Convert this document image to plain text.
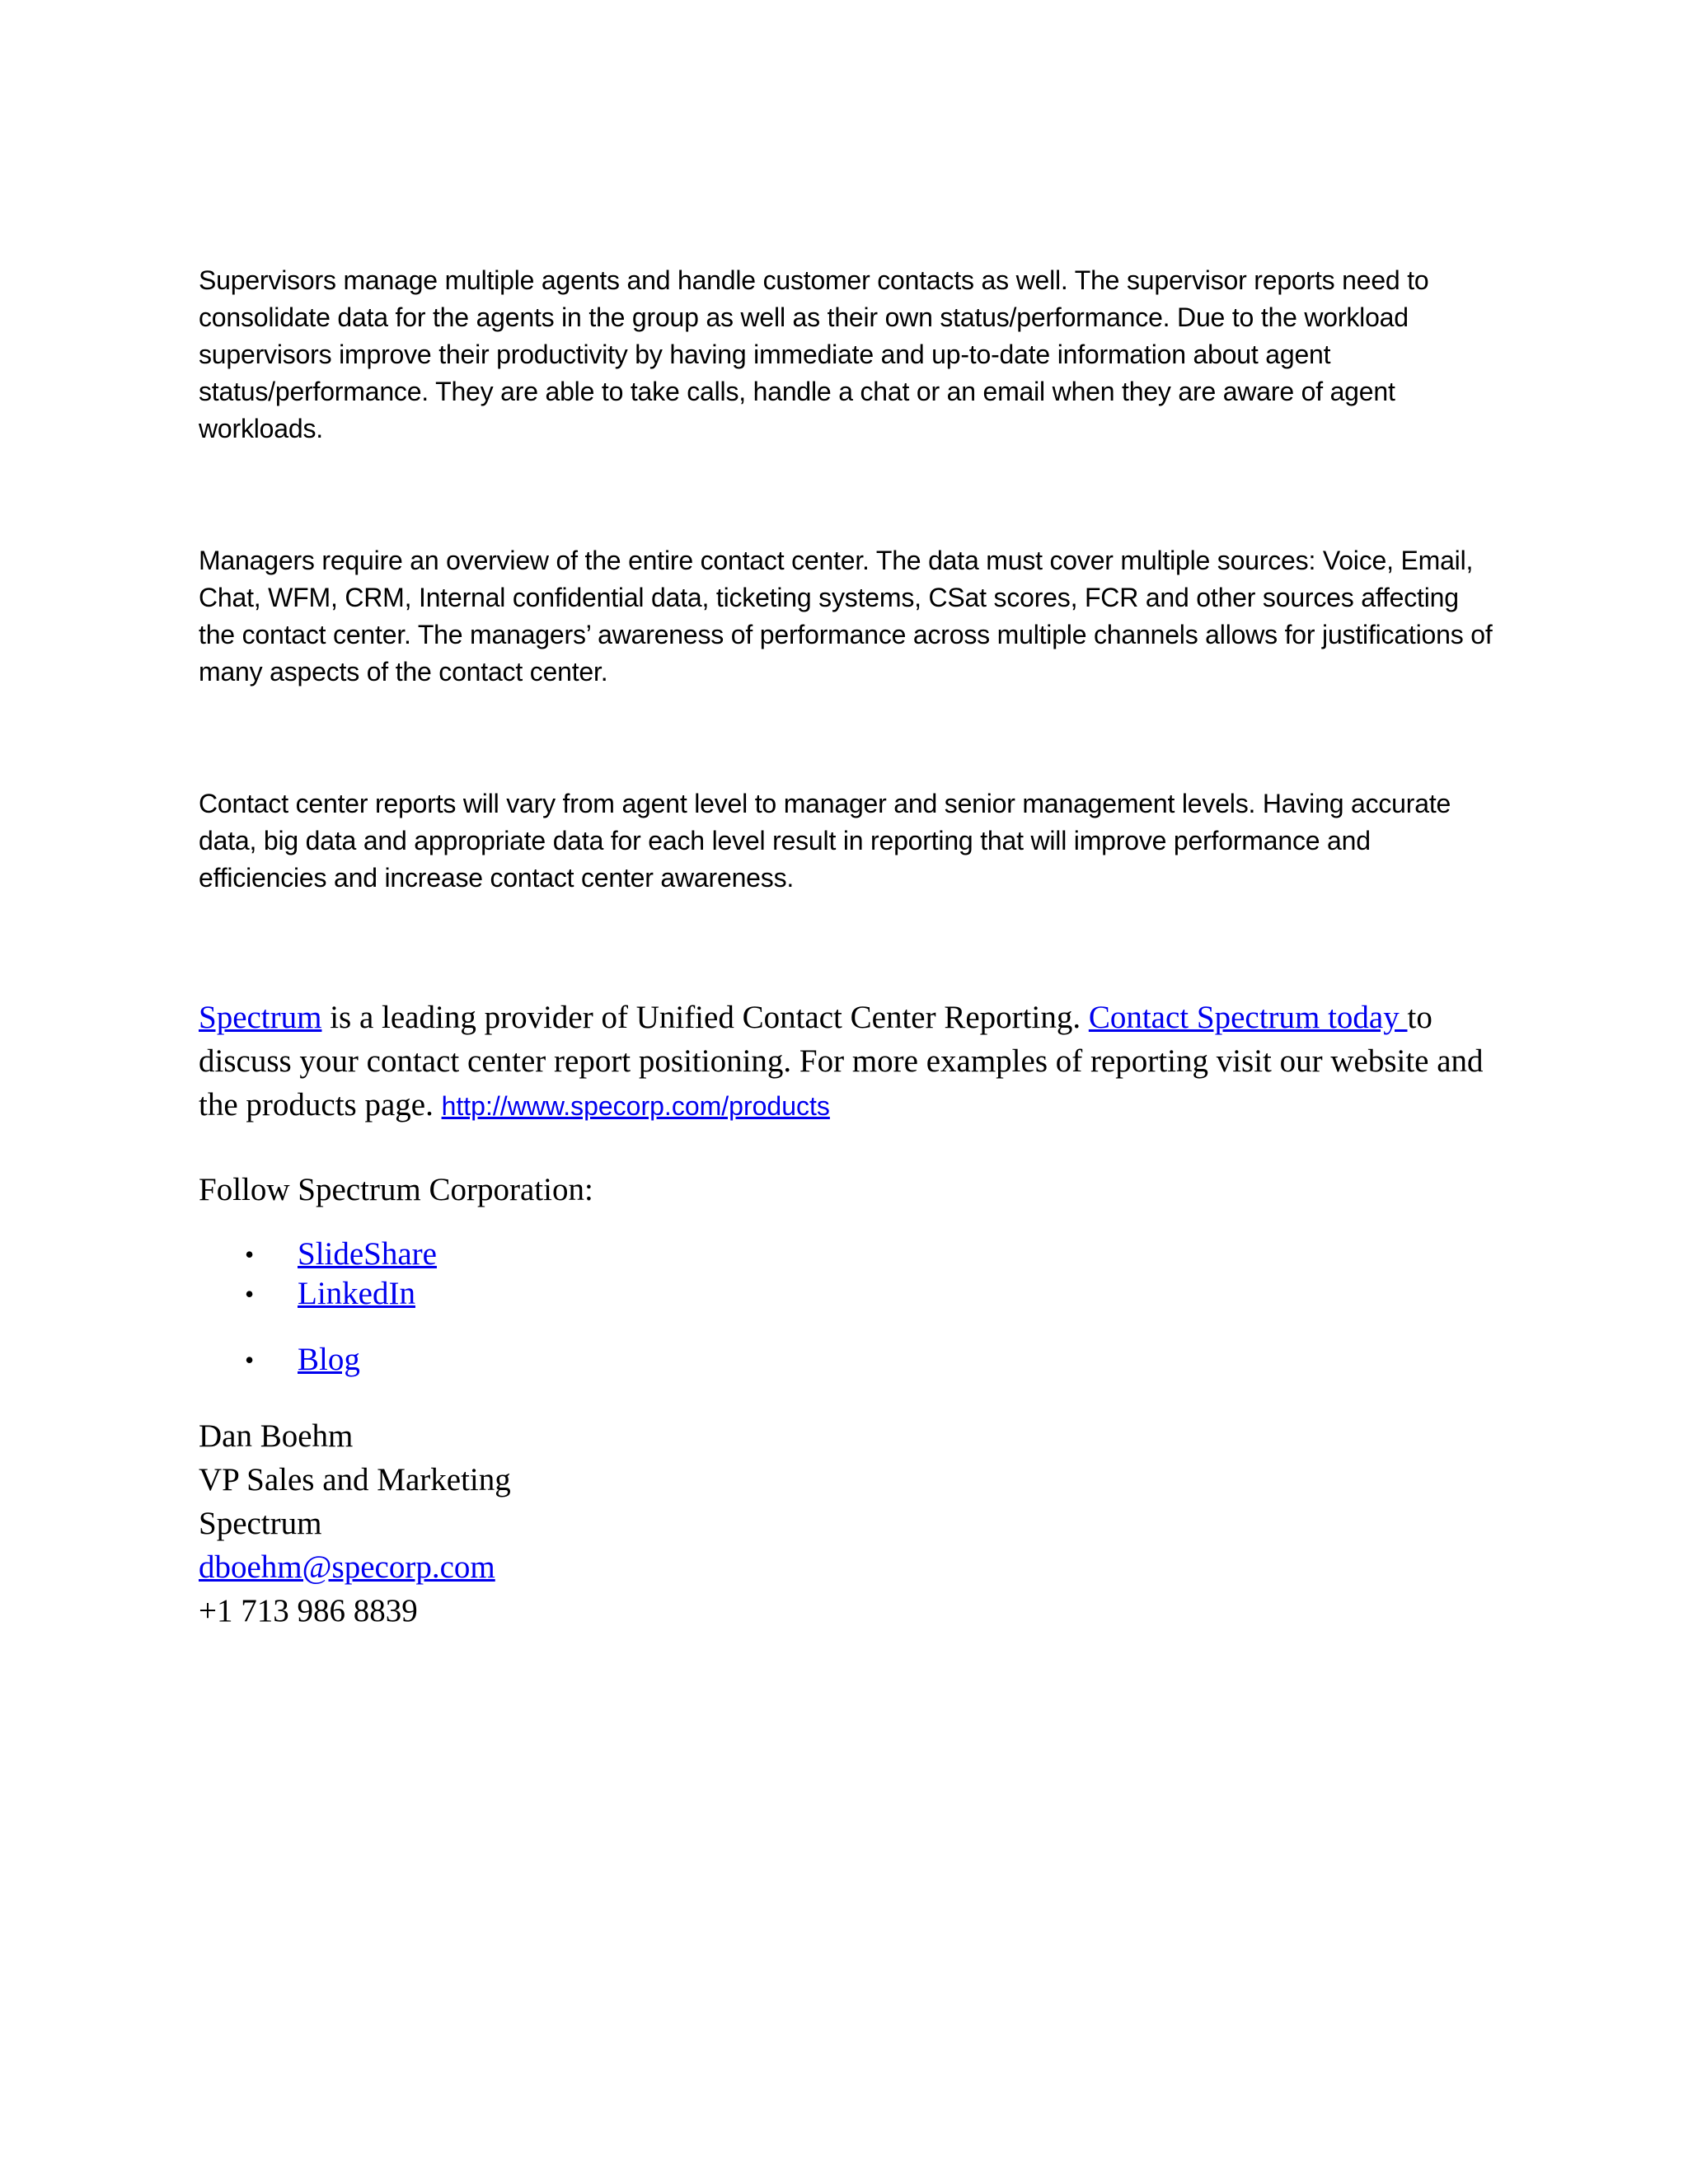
Supervisors manage multiple agents and handle customer contacts as well. The supervisor reports need to consolidate data for the agents in the group as well as their own status/performance. Due to the workload supervisors improve their productivity by having immediate and up-to-date information about agent status/performance. They are able to take calls, handle a chat or an email when they are aware of agent workloads.

Managers require an overview of the entire contact center. The data must cover multiple sources: Voice, Email, Chat, WFM, CRM, Internal confidential data, ticketing systems, CSat scores, FCR and other sources affecting the contact center. The managers’ awareness of performance across multiple channels allows for justifications of many aspects of the contact center.

Contact center reports will vary from agent level to manager and senior management levels. Having accurate data, big data and appropriate data for each level result in reporting that will improve performance and efficiencies and increase contact center awareness.

Spectrum is a leading provider of Unified Contact Center Reporting. Contact Spectrum today to discuss your contact center report positioning. For more examples of reporting visit our website and the products page. http://www.specorp.com/products

Follow Spectrum Corporation:

• SlideShare
• LinkedIn
• Blog
Dan Boehm
VP Sales and Marketing
Spectrum
dboehm@specorp.com
+1 713 986 8839
